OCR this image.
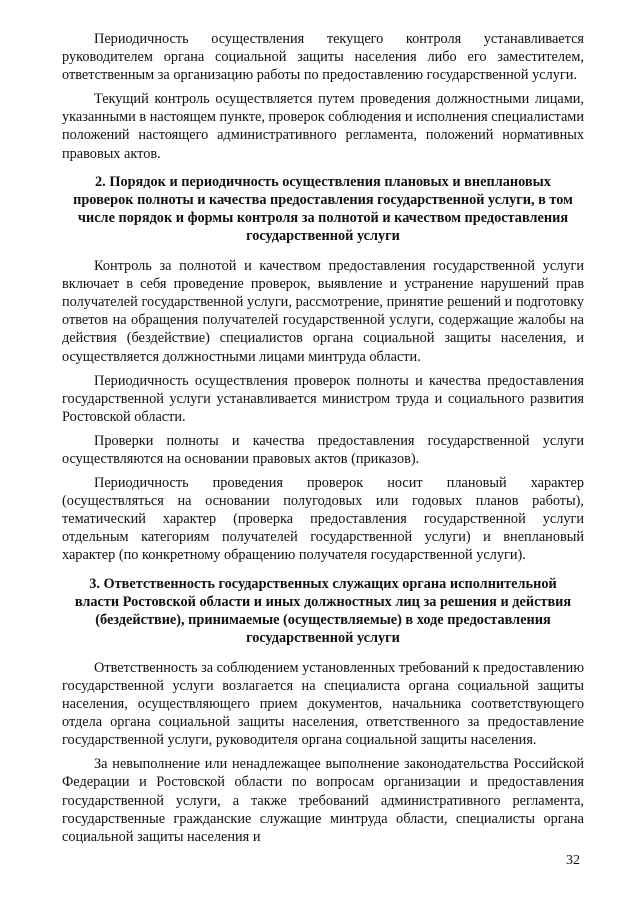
Периодичность осуществления текущего контроля устанавливается руководителем органа социальной защиты населения либо его заместителем, ответственным за организацию работы по предоставлению государственной услуги.

Текущий контроль осуществляется путем проведения должностными лицами, указанными в настоящем пункте, проверок соблюдения и исполнения специалистами положений настоящего административного регламента, положений нормативных правовых актов.

2. Порядок и периодичность осуществления плановых и внеплановых проверок полноты и качества предоставления государственной услуги, в том числе порядок и формы контроля за полнотой и качеством предоставления государственной услуги

Контроль за полнотой и качеством предоставления государственной услуги включает в себя проведение проверок, выявление и устранение нарушений прав получателей государственной услуги, рассмотрение, принятие решений и подготовку ответов на обращения получателей государственной услуги, содержащие жалобы на действия (бездействие) специалистов органа социальной защиты населения, и осуществляется должностными лицами минтруда области.

Периодичность осуществления проверок полноты и качества предоставления государственной услуги устанавливается министром труда и социального развития Ростовской области.

Проверки полноты и качества предоставления государственной услуги осуществляются на основании правовых актов (приказов).

Периодичность проведения проверок носит плановый характер (осуществляться на основании полугодовых или годовых планов работы), тематический характер (проверка предоставления государственной услуги отдельным категориям получателей государственной услуги) и внеплановый характер (по конкретному обращению получателя государственной услуги).

3. Ответственность государственных служащих органа исполнительной власти Ростовской области и иных должностных лиц за решения и действия (бездействие), принимаемые (осуществляемые) в ходе предоставления государственной услуги

Ответственность за соблюдением установленных требований к предоставлению государственной услуги возлагается на специалиста органа социальной защиты населения, осуществляющего прием документов, начальника соответствующего отдела органа социальной защиты населения, ответственного за предоставление государственной услуги, руководителя органа социальной защиты населения.

За невыполнение или ненадлежащее выполнение законодательства Российской Федерации и Ростовской области по вопросам организации и предоставления государственной услуги, а также требований административного регламента, государственные гражданские служащие минтруда области, специалисты органа социальной защиты населения и

32
